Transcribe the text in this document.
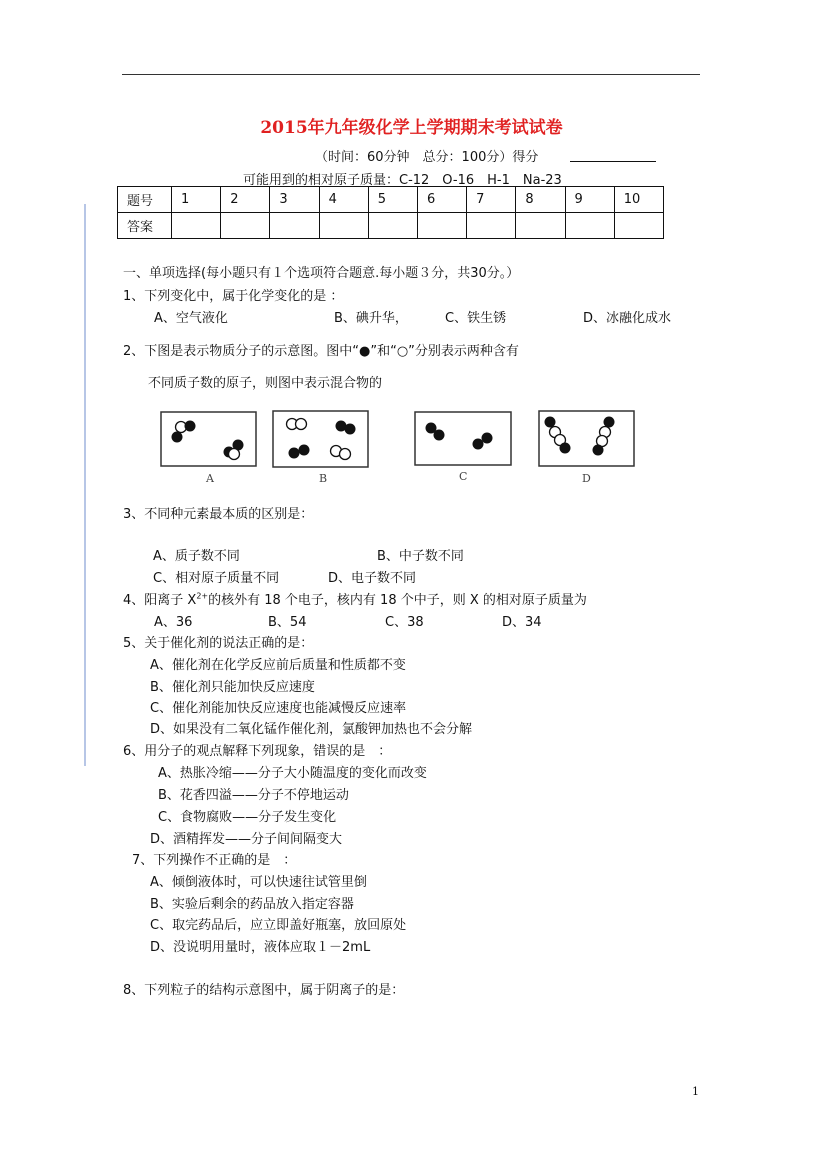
2015年九年级化学上学期期末考试试卷
（时间：60分钟　总分：100分）得分
可能用到的相对原子质量：C-12　O-16　H-1　Na-23
题号	1	2	3	4	5	6	7	8	9	10
答案										
一、单项选择(每小题只有１个选项符合题意.每小题３分，共30分。）
1、下列变化中，属于化学变化的是 ：
A、空气液化	B、碘升华，	C、铁生锈	D、冰融化成水
2、下图是表示物质分子的示意图。图中“●”和“○”分别表示两种含有
不同质子数的原子，则图中表示混合物的
A	B	C	D
3、不同种元素最本质的区别是：
A、质子数不同	B、中子数不同
C、相对原子质量不同	D、电子数不同
4、阳离子 $X^{2+}$的核外有 18 个电子，核内有 18 个中子，则 X 的相对原子质量为
A、36	B、54	C、38	D、34
5、关于催化剂的说法正确的是：
A、催化剂在化学反应前后质量和性质都不变
B、催化剂只能加快反应速度
C、催化剂能加快反应速度也能减慢反应速率
D、如果没有二氧化锰作催化剂，氯酸钾加热也不会分解
6、用分子的观点解释下列现象，错误的是　：
A、热胀冷缩——分子大小随温度的变化而改变
B、花香四溢——分子不停地运动
C、食物腐败——分子发生变化
D、酒精挥发——分子间间隔变大
7、下列操作不正确的是　：
A、倾倒液体时，可以快速往试管里倒
B、实验后剩余的药品放入指定容器
C、取完药品后，应立即盖好瓶塞，放回原处
D、没说明用量时，液体应取１－2mL
8、下列粒子的结构示意图中，属于阴离子的是：
1
